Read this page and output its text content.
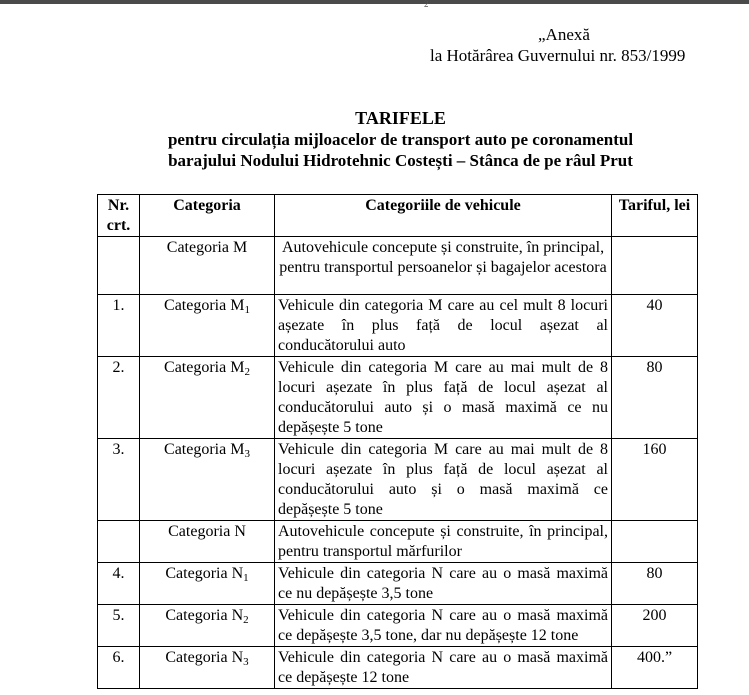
2
„Anexă
la Hotărârea Guvernului nr. 853/1999
TARIFELE
pentru circulația mijloacelor de transport auto pe coronamentul
barajului Nodului Hidrotehnic Costești – Stânca de pe râul Prut
Nr. crt.	Categoria	Categoriile de vehicule	Tariful, lei
	Categoria M	Autovehicule concepute și construite, în principal, pentru transportul persoanelor și bagajelor acestora	
1.	Categoria $M_1$	Vehicule din categoria M care au cel mult 8 locuri așezate în plus față de locul așezat al conducătorului auto	40
2.	Categoria $M_2$	Vehicule din categoria M care au mai mult de 8 locuri așezate în plus față de locul așezat al conducătorului auto și o masă maximă ce nu depășește 5 tone	80
3.	Categoria $M_3$	Vehicule din categoria M care au mai mult de 8 locuri așezate în plus față de locul așezat al conducătorului auto și o masă maximă ce depășește 5 tone	160
	Categoria N	Autovehicule concepute și construite, în principal, pentru transportul mărfurilor	
4.	Categoria $N_1$	Vehicule din categoria N care au o masă maximă ce nu depășește 3,5 tone	80
5.	Categoria $N_2$	Vehicule din categoria N care au o masă maximă ce depășește 3,5 tone, dar nu depășește 12 tone	200
6.	Categoria $N_3$	Vehicule din categoria N care au o masă maximă ce depășește 12 tone	400.”
